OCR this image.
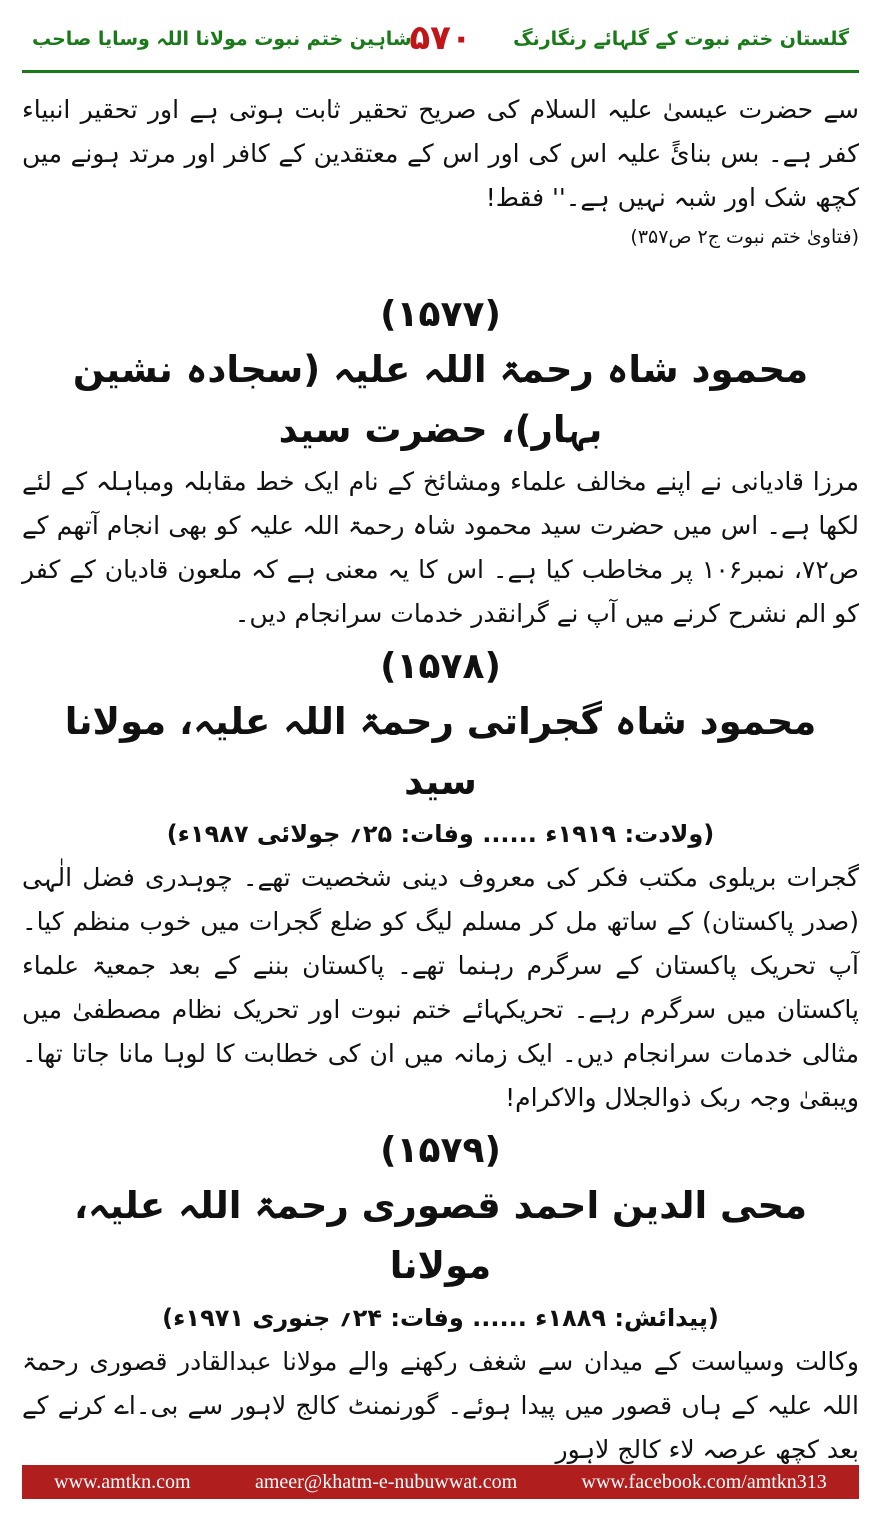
شاہین ختم نبوت مولانا اللہ وسایا صاحب
۵۷۰	گلستان ختم نبوت کے گلہائے رنگارنگ

سے حضرت عیسیٰ علیہ السلام کی صریح تحقیر ثابت ہوتی ہے اور تحقیر انبیاء کفر ہے۔ بس بنائً علیہ اس کی اور اس کے معتقدین کے کافر اور مرتد ہونے میں کچھ شک اور شبہ نہیں ہے۔'' فقط!

(فتاویٰ ختم نبوت ج۲ ص۳۵۷)

(۱۵۷۷)

محمود شاہ رحمۃ اللہ علیہ (سجادہ نشین بہار)، حضرت سید

مرزا قادیانی نے اپنے مخالف علماء ومشائخ کے نام ایک خط مقابلہ ومباہلہ کے لئے لکھا ہے۔ اس میں حضرت سید محمود شاہ رحمۃ اللہ علیہ کو بھی انجام آتھم کے ص۷۲، نمبر۱۰۶ پر مخاطب کیا ہے۔ اس کا یہ معنی ہے کہ ملعون قادیان کے کفر کو الم نشرح کرنے میں آپ نے گرانقدر خدمات سرانجام دیں۔

(۱۵۷۸)

محمود شاہ گجراتی رحمۃ اللہ علیہ، مولانا سید

(ولادت: ۱۹۱۹ء ...... وفات: ۲۵؍ جولائی ۱۹۸۷ء)

گجرات بریلوی مکتب فکر کی معروف دینی شخصیت تھے۔ چوہدری فضل الٰہی (صدر پاکستان) کے ساتھ مل کر مسلم لیگ کو ضلع گجرات میں خوب منظم کیا۔ آپ تحریک پاکستان کے سرگرم رہنما تھے۔ پاکستان بننے کے بعد جمعیۃ علماء پاکستان میں سرگرم رہے۔ تحریکہائے ختم نبوت اور تحریک نظام مصطفیٰ میں مثالی خدمات سرانجام دیں۔ ایک زمانہ میں ان کی خطابت کا لوہا مانا جاتا تھا۔ ویبقیٰ وجہ ربک ذوالجلال والاکرام!

(۱۵۷۹)

محی الدین احمد قصوری رحمۃ اللہ علیہ، مولانا

(پیدائش: ۱۸۸۹ء ...... وفات: ۲۴؍ جنوری ۱۹۷۱ء)

وکالت وسیاست کے میدان سے شغف رکھنے والے مولانا عبدالقادر قصوری رحمۃ اللہ علیہ کے ہاں قصور میں پیدا ہوئے۔ گورنمنٹ کالج لاہور سے بی۔اے کرنے کے بعد کچھ عرصہ لاء کالج لاہور

www.amtkn.com	ameer@khatm-e-nubuwwat.com	www.facebook.com/amtkn313
